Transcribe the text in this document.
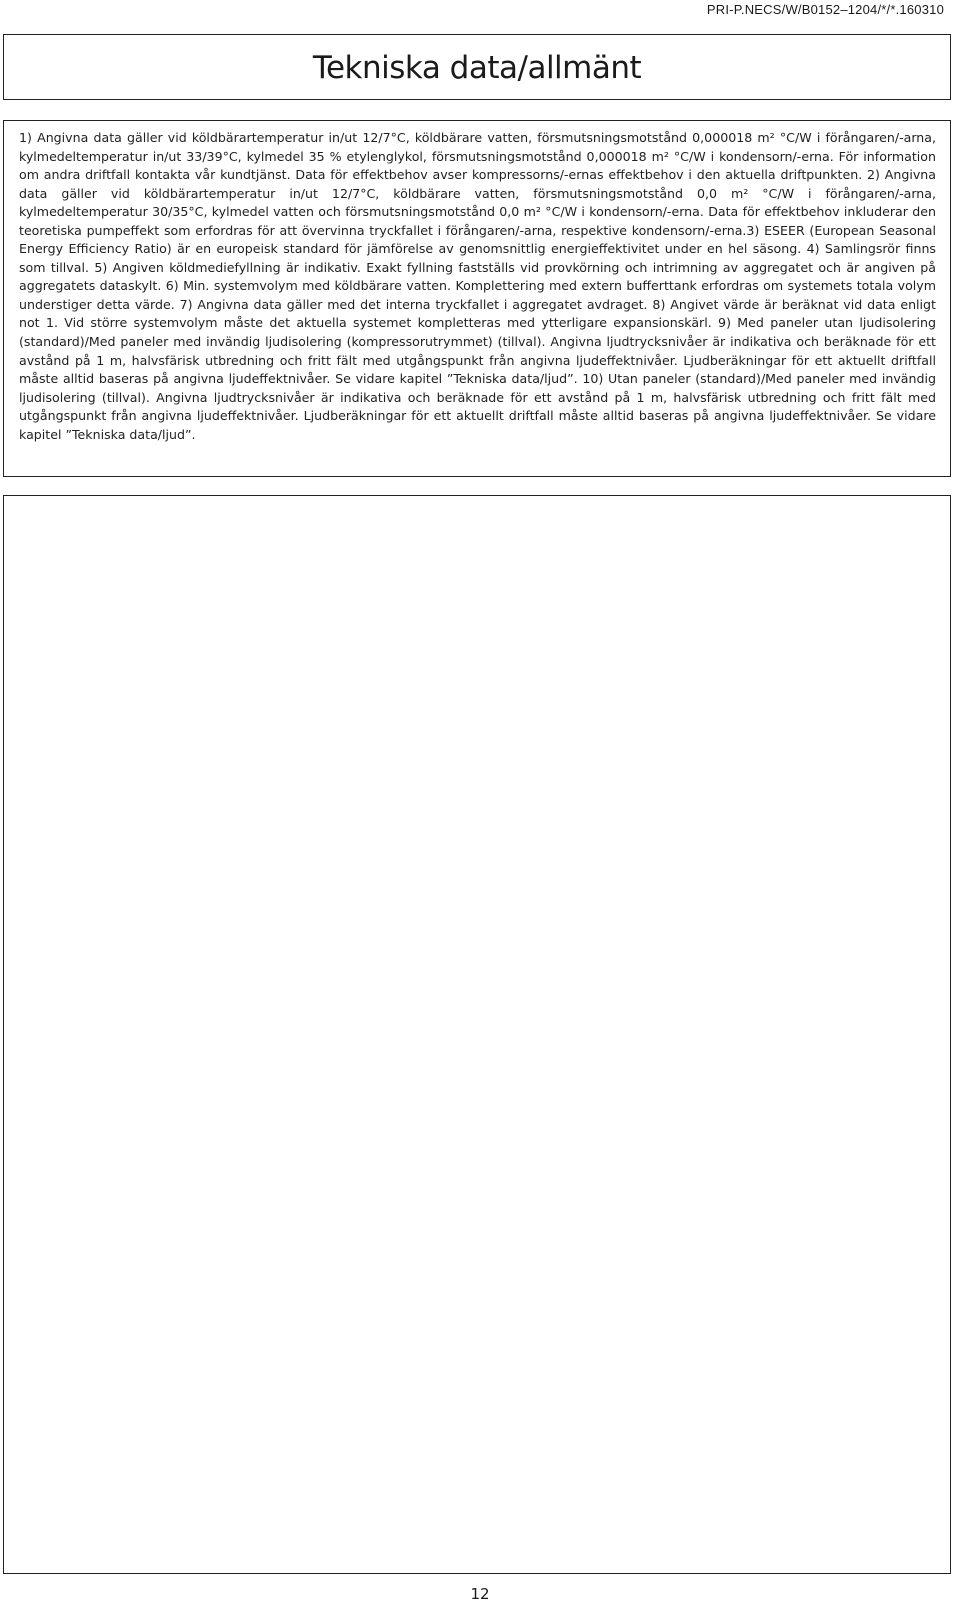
PRI-P.NECS/W/B0152–1204/*/*.160310
Tekniska data/allmänt

1) Angivna data gäller vid köldbärartemperatur in/ut 12/7°C, köldbärare vatten, försmutsningsmotstånd 0,000018 m² °C/W i förångaren/-arna, kylmedeltemperatur in/ut 33/39°C, kylmedel 35 % etylenglykol, försmutsningsmotstånd 0,000018 m² °C/W i kondensorn/-erna. För information om andra driftfall kontakta vår kundtjänst. Data för effektbehov avser kompressorns/-ernas effektbehov i den aktuella driftpunkten. 2) Angivna data gäller vid köldbärartemperatur in/ut 12/7°C, köldbärare vatten, försmutsningsmotstånd 0,0 m² °C/W i förångaren/-arna, kylmedeltemperatur 30/35°C, kylmedel vatten och försmutsningsmotstånd 0,0 m² °C/W i kondensorn/-erna. Data för effektbehov inkluderar den teoretiska pumpeffekt som erfordras för att övervinna tryckfallet i förångaren/-arna, respektive kondensorn/-erna.3) ESEER (European Seasonal Energy Efficiency Ratio) är en europeisk standard för jämförelse av genomsnittlig energieffektivitet under en hel säsong. 4) Samlingsrör finns som tillval. 5) Angiven köldmediefyllning är indikativ. Exakt fyllning fastställs vid provkörning och intrimning av aggregatet och är angiven på aggregatets dataskylt. 6) Min. systemvolym med köldbärare vatten. Komplettering med extern bufferttank erfordras om systemets totala volym understiger detta värde. 7) Angivna data gäller med det interna tryckfallet i aggregatet avdraget. 8) Angivet värde är beräknat vid data enligt not 1. Vid större systemvolym måste det aktuella systemet kompletteras med ytterligare expansionskärl. 9) Med paneler utan ljudisolering (standard)/Med paneler med invändig ljudisolering (kompressorutrymmet) (tillval). Angivna ljudtrycksnivåer är indikativa och beräknade för ett avstånd på 1 m, halvsfärisk utbredning och fritt fält med utgångspunkt från angivna ljudeffektnivåer. Ljudberäkningar för ett aktuellt driftfall måste alltid baseras på angivna ljudeffektnivåer. Se vidare kapitel ”Tekniska data/ljud”. 10) Utan paneler (standard)/Med paneler med invändig ljudisolering (tillval). Angivna ljudtrycksnivåer är indikativa och beräknade för ett avstånd på 1 m, halvsfärisk utbredning och fritt fält med utgångspunkt från angivna ljudeffektnivåer. Ljudberäkningar för ett aktuellt driftfall måste alltid baseras på angivna ljudeffektnivåer. Se vidare kapitel ”Tekniska data/ljud”.

12
